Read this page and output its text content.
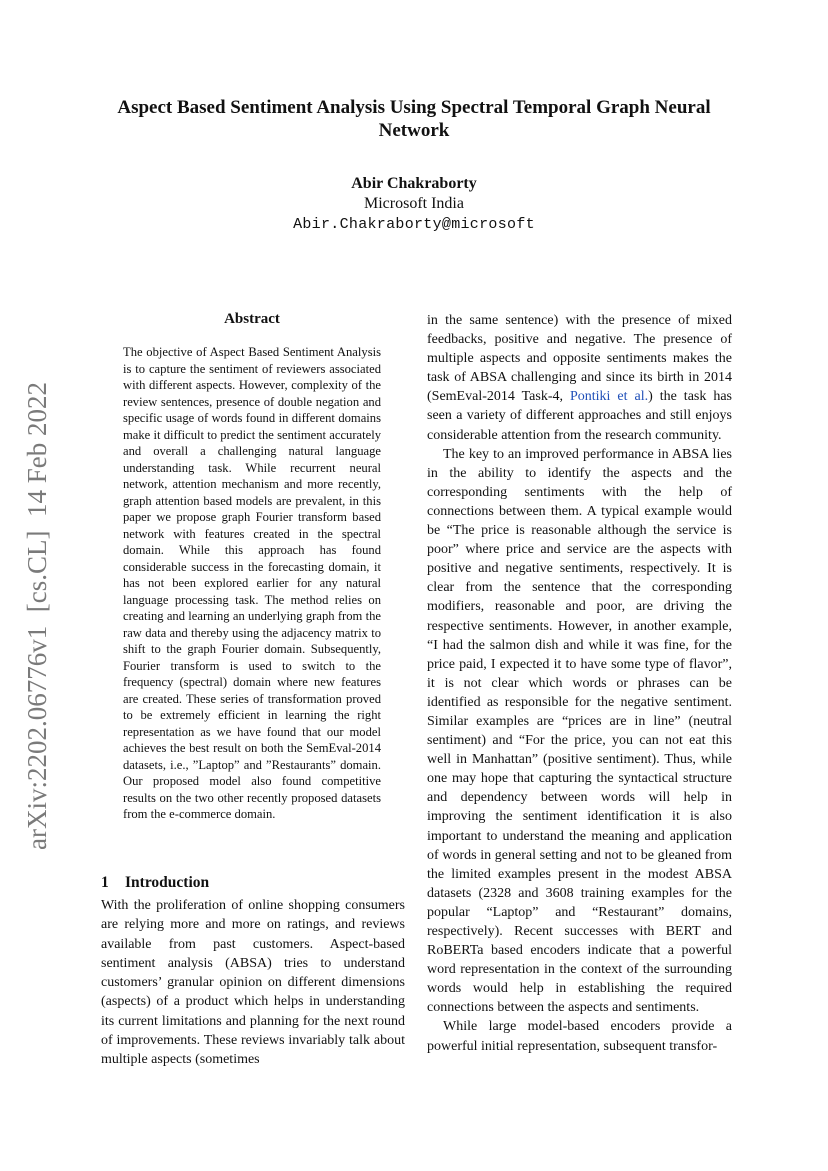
Aspect Based Sentiment Analysis Using Spectral Temporal Graph Neural Network
Abir Chakraborty
Microsoft India
Abir.Chakraborty@microsoft
arXiv:2202.06776v1  [cs.CL]  14 Feb 2022
Abstract
The objective of Aspect Based Sentiment Analysis is to capture the sentiment of reviewers associated with different aspects. However, complexity of the review sentences, presence of double negation and specific usage of words found in different domains make it difficult to predict the sentiment accurately and overall a challenging natural language understanding task. While recurrent neural network, attention mechanism and more recently, graph attention based models are prevalent, in this paper we propose graph Fourier transform based network with features created in the spectral domain. While this approach has found considerable success in the forecasting domain, it has not been explored earlier for any natural language processing task. The method relies on creating and learning an underlying graph from the raw data and thereby using the adjacency matrix to shift to the graph Fourier domain. Subsequently, Fourier transform is used to switch to the frequency (spectral) domain where new features are created. These series of transformation proved to be extremely efficient in learning the right representation as we have found that our model achieves the best result on both the SemEval-2014 datasets, i.e., ”Laptop” and ”Restaurants” domain. Our proposed model also found competitive results on the two other recently proposed datasets from the e-commerce domain.
1 Introduction
With the proliferation of online shopping consumers are relying more and more on ratings, and reviews available from past customers. Aspect-based sentiment analysis (ABSA) tries to understand customers’ granular opinion on different dimensions (aspects) of a product which helps in understanding its current limitations and planning for the next round of improvements. These reviews invariably talk about multiple aspects (sometimes

in the same sentence) with the presence of mixed feedbacks, positive and negative. The presence of multiple aspects and opposite sentiments makes the task of ABSA challenging and since its birth in 2014 (SemEval-2014 Task-4, Pontiki et al.) the task has seen a variety of different approaches and still enjoys considerable attention from the research community.

The key to an improved performance in ABSA lies in the ability to identify the aspects and the corresponding sentiments with the help of connections between them. A typical example would be “The price is reasonable although the service is poor” where price and service are the aspects with positive and negative sentiments, respectively. It is clear from the sentence that the corresponding modifiers, reasonable and poor, are driving the respective sentiments. However, in another example, “I had the salmon dish and while it was fine, for the price paid, I expected it to have some type of flavor”, it is not clear which words or phrases can be identified as responsible for the negative sentiment. Similar examples are “prices are in line” (neutral sentiment) and “For the price, you can not eat this well in Manhattan” (positive sentiment). Thus, while one may hope that capturing the syntactical structure and dependency between words will help in improving the sentiment identification it is also important to understand the meaning and application of words in general setting and not to be gleaned from the limited examples present in the modest ABSA datasets (2328 and 3608 training examples for the popular “Laptop” and “Restaurant” domains, respectively). Recent successes with BERT and RoBERTa based encoders indicate that a powerful word representation in the context of the surrounding words would help in establishing the required connections between the aspects and sentiments.

While large model-based encoders provide a powerful initial representation, subsequent transfor-
